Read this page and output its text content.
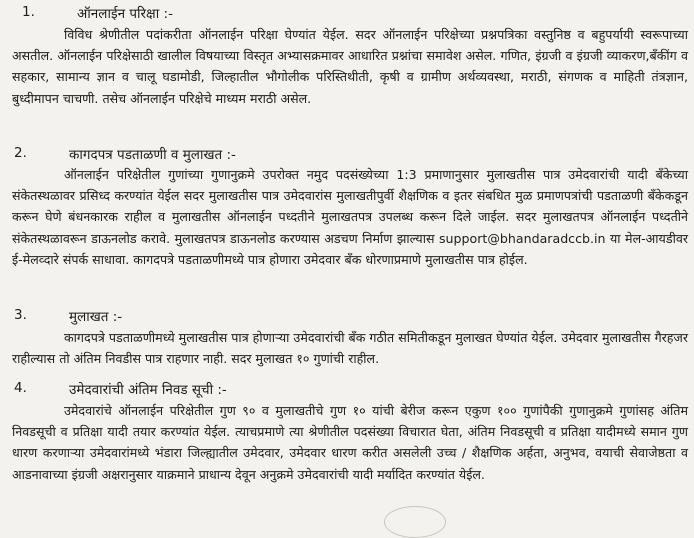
1.	ऑनलाईन परिक्षा :-
विविध श्रेणीतील पदांकरीता ऑनलाईन परिक्षा घेण्यांत येईल. सदर ऑनलाईन परिक्षेच्या प्रश्नपत्रिका वस्तुनिष्ठ व बहुपर्यायी स्वरूपाच्या असतील. ऑनलाईन परिक्षेसाठी खालील विषयाच्या विस्तृत अभ्यासक्रमावर आधारित प्रश्नांचा समावेश असेल. गणित, इंग्रजी व इंग्रजी व्याकरण,बँकींग व सहकार, सामान्य ज्ञान व चालू घडामोडी, जिल्हातील भौगोलीक परिस्तिथीती, कृषी व ग्रामीण अर्थव्यवस्था, मराठी, संगणक व माहिती तंत्रज्ञान, बुध्दीमापन चाचणी. तसेच ऑनलाईन परिक्षेचे माध्यम मराठी असेल.
2.	कागदपत्र पडताळणी व मुलाखत :-
ऑनलाईन परिक्षेतील गुणांच्या गुणानुक्रमे उपरोक्त नमुद पदसंख्येच्या 1:3 प्रमाणानुसार मुलाखतीस पात्र उमेदवारांची यादी बँकेच्या संकेतस्थळावर प्रसिध्द करण्यांत येईल सदर मुलाखतीस पात्र उमेदवारांस मुलाखतीपुर्वी शैक्षणिक व इतर संबधित मुळ प्रमाणपत्रांची पडताळणी बँकेकडून करून घेणे बंधनकारक राहील व मुलाखतीस ऑनलाईन पध्दतीने मुलाखतपत्र उपलब्ध करून दिले जाईल. सदर मुलाखतपत्र ऑनलाईन पध्दतीने संकेतस्थळावरून डाऊनलोड करावे. मुलाखतपत्र डाऊनलोड करण्यास अडचण निर्माण झाल्यास support@bhandaradccb.in या मेल-आयडीवर ई-मेलव्दारे संपर्क साधावा. कागदपत्रे पडताळणीमध्ये पात्र होणारा उमेदवार बँक धोरणाप्रमाणे मुलाखतीस पात्र होईल.
3.	मुलाखत :-
कागदपत्रे पडताळणीमध्ये मुलाखतीस पात्र होणाऱ्या उमेदवारांची बँक गठीत समितीकडून मुलाखत घेण्यांत येईल. उमेदवार मुलाखतीस गैरहजर राहील्यास तो अंतिम निवडीस पात्र राहणार नाही. सदर मुलाखत १० गुणांची राहील.
4.	उमेदवारांची अंतिम निवड सूची :-
उमेदवारांचे ऑनलाईन परिक्षेतील गुण ९० व मुलाखतीचे गुण १० यांची बेरीज करून एकुण १०० गुणांपैकी गुणानुक्रमे गुणांसह अंतिम निवडसूची व प्रतिक्षा यादी तयार करण्यांत येईल. त्याचप्रमाणे त्या श्रेणीतील पदसंख्या विचारात घेता, अंतिम निवडसूची व प्रतिक्षा यादीमध्ये समान गुण धारण करणाऱ्या उमेदवारांमध्ये भंडारा जिल्ह्यातील उमेदवार, उमेदवार धारण करीत असलेली उच्च / शैक्षणिक अर्हता, अनुभव, वयाची सेवाजेष्ठता व आडनावाच्या इंग्रजी अक्षरानुसार याक्रमाने प्राधान्य देवून अनुक्रमे उमेदवारांची यादी मर्यादित करण्यांत येईल.
